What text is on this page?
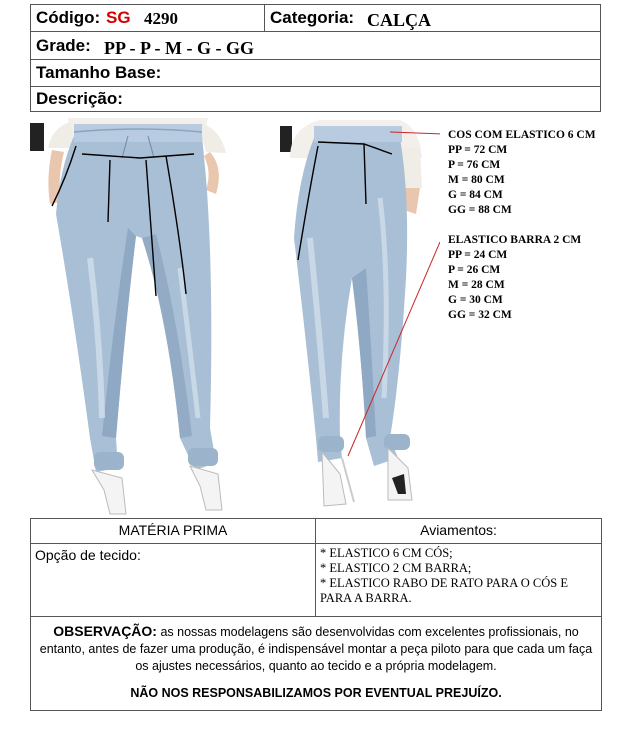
Código: SG 4290	Categoria: CALÇA
Grade: PP - P - M - G - GG
Tamanho Base:
Descrição:
COS COM ELASTICO 6 CM
PP = 72 CM
P = 76 CM
M = 80 CM
G = 84 CM
GG = 88 CM
ELASTICO BARRA 2 CM
PP = 24 CM
P = 26 CM
M = 28 CM
G = 30 CM
GG = 32 CM
MATÉRIA PRIMA	Aviamentos:
Opção de tecido:	* ELASTICO 6 CM CÓS;
* ELASTICO 2 CM BARRA;
* ELASTICO RABO DE RATO PARA O CÓS E
PARA A BARRA.
OBSERVAÇÃO: as nossas modelagens são desenvolvidas com excelentes profissionais, no entanto, antes de fazer uma produção, é indispensável montar a peça piloto para que cada um faça os ajustes necessários, quanto ao tecido e a própria modelagem.
NÃO NOS RESPONSABILIZAMOS POR EVENTUAL PREJUÍZO.
